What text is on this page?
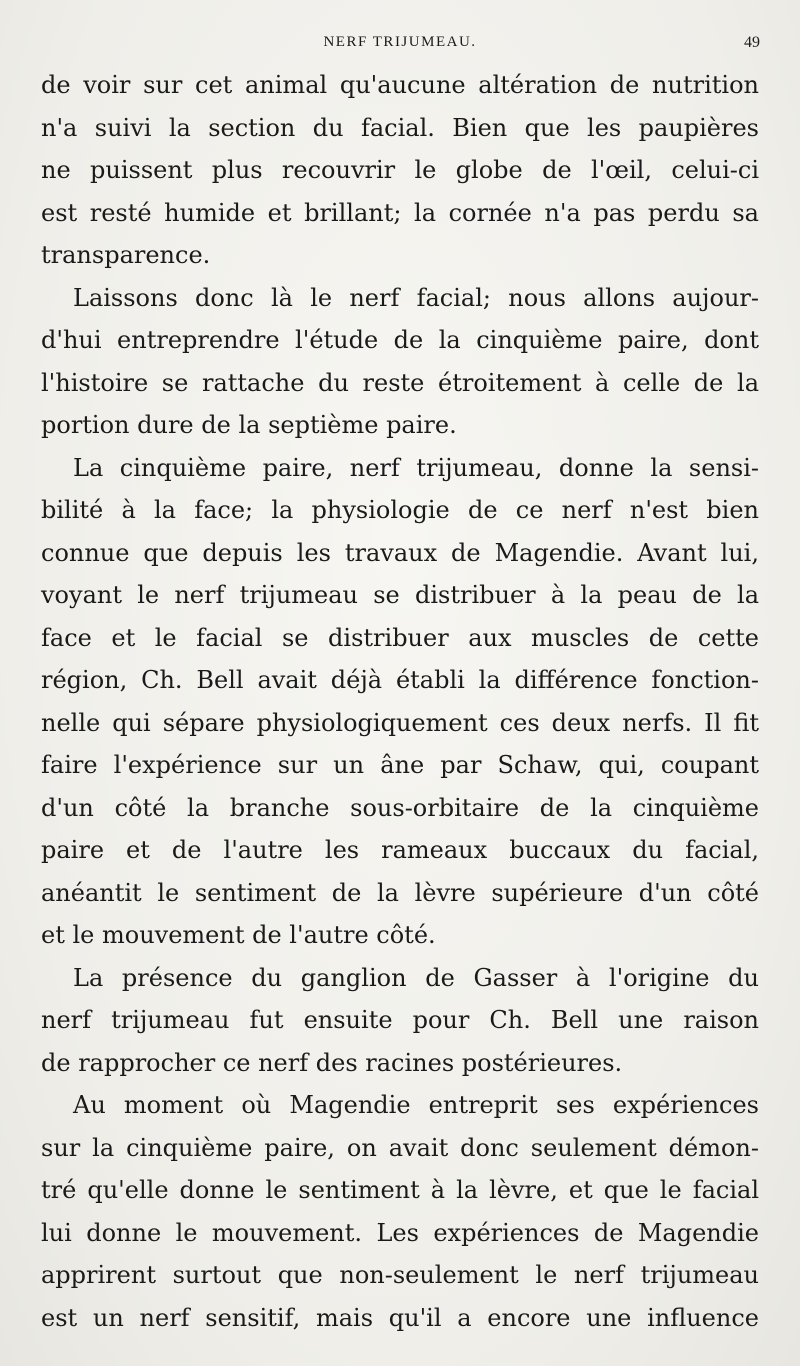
NERF TRIJUMEAU.	49
de voir sur cet animal qu'aucune altération de nutrition
n'a suivi la section du facial. Bien que les paupières
ne puissent plus recouvrir le globe de l'œil, celui-ci
est resté humide et brillant; la cornée n'a pas perdu sa
transparence.
Laissons donc là le nerf facial; nous allons aujour-
d'hui entreprendre l'étude de la cinquième paire, dont
l'histoire se rattache du reste étroitement à celle de la
portion dure de la septième paire.
La cinquième paire, nerf trijumeau, donne la sensi-
bilité à la face; la physiologie de ce nerf n'est bien
connue que depuis les travaux de Magendie. Avant lui,
voyant le nerf trijumeau se distribuer à la peau de la
face et le facial se distribuer aux muscles de cette
région, Ch. Bell avait déjà établi la différence fonction-
nelle qui sépare physiologiquement ces deux nerfs. Il fit
faire l'expérience sur un âne par Schaw, qui, coupant
d'un côté la branche sous-orbitaire de la cinquième
paire et de l'autre les rameaux buccaux du facial,
anéantit le sentiment de la lèvre supérieure d'un côté
et le mouvement de l'autre côté.
La présence du ganglion de Gasser à l'origine du
nerf trijumeau fut ensuite pour Ch. Bell une raison
de rapprocher ce nerf des racines postérieures.
Au moment où Magendie entreprit ses expériences
sur la cinquième paire, on avait donc seulement démon-
tré qu'elle donne le sentiment à la lèvre, et que le facial
lui donne le mouvement. Les expériences de Magendie
apprirent surtout que non-seulement le nerf trijumeau
est un nerf sensitif, mais qu'il a encore une influence
